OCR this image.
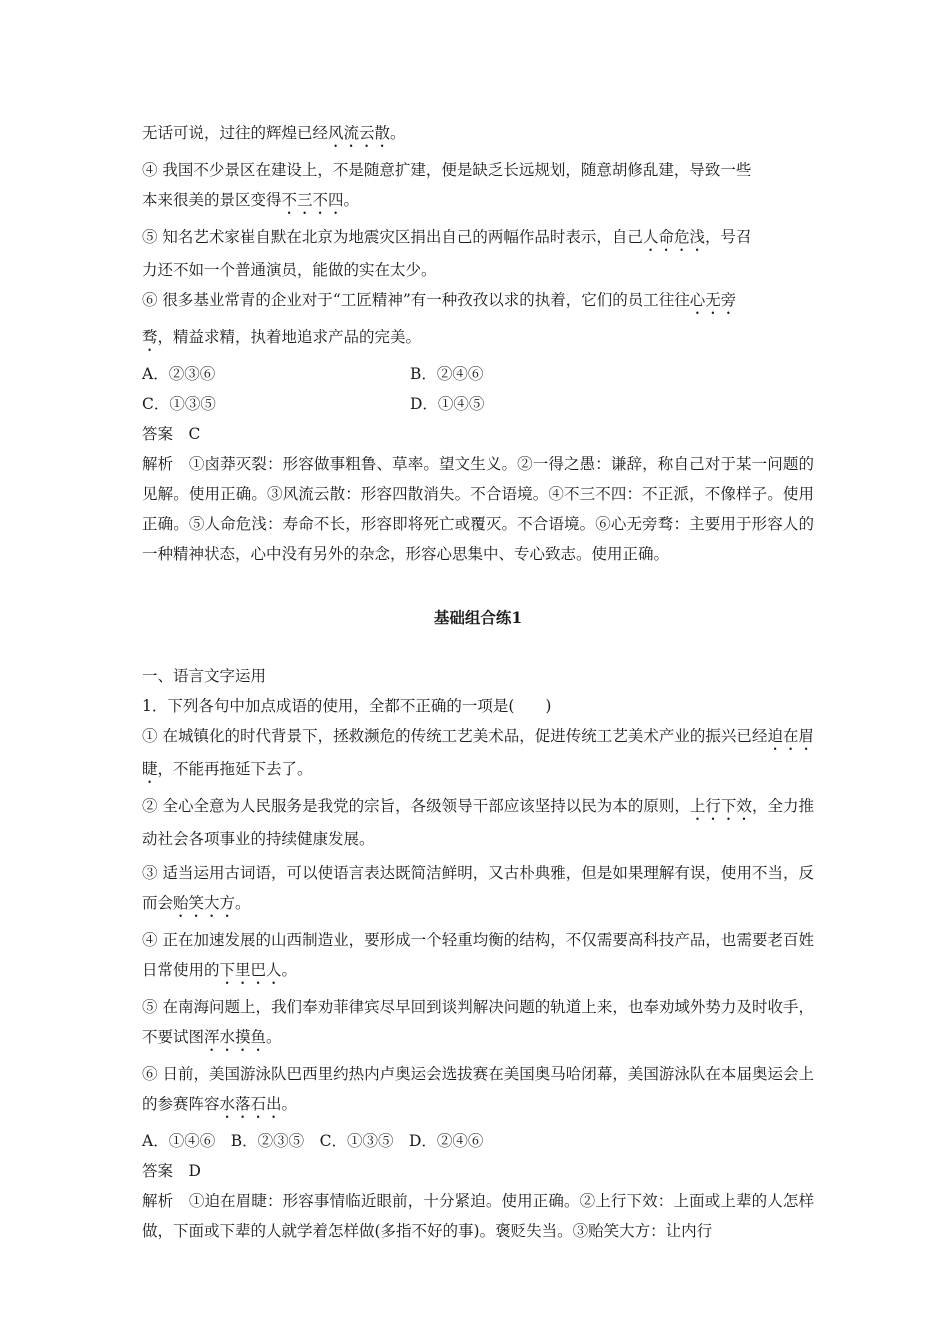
无话可说，过往的辉煌已经风流云散。

④ 我国不少景区在建设上，不是随意扩建，便是缺乏长远规划，随意胡修乱建，导致一些

本来很美的景区变得不三不四。

⑤ 知名艺术家崔自默在北京为地震灾区捐出自己的两幅作品时表示，自己人命危浅，号召

力还不如一个普通演员，能做的实在太少。

⑥ 很多基业常青的企业对于“工匠精神”有一种孜孜以求的执着，它们的员工往往心无旁

骛，精益求精，执着地追求产品的完美。

A．②③⑥	B．②④⑥

C．①③⑤	D．①④⑤

答案　C

解析　①卤莽灭裂：形容做事粗鲁、草率。望文生义。②一得之愚：谦辞，称自己对于某一问题的见解。使用正确。③风流云散：形容四散消失。不合语境。④不三不四：不正派，不像样子。使用正确。⑤人命危浅：寿命不长，形容即将死亡或覆灭。不合语境。⑥心无旁骛：主要用于形容人的一种精神状态，心中没有另外的杂念，形容心思集中、专心致志。使用正确。

基础组合练1

一、语言文字运用

1．下列各句中加点成语的使用，全都不正确的一项是(　　)

① 在城镇化的时代背景下，拯救濒危的传统工艺美术品，促进传统工艺美术产业的振兴已经迫在眉睫，不能再拖延下去了。

② 全心全意为人民服务是我党的宗旨，各级领导干部应该坚持以民为本的原则，上行下效，全力推动社会各项事业的持续健康发展。

③ 适当运用古词语，可以使语言表达既简洁鲜明，又古朴典雅，但是如果理解有误，使用不当，反而会贻笑大方。

④ 正在加速发展的山西制造业，要形成一个轻重均衡的结构，不仅需要高科技产品，也需要老百姓日常使用的下里巴人。

⑤ 在南海问题上，我们奉劝菲律宾尽早回到谈判解决问题的轨道上来，也奉劝域外势力及时收手，不要试图浑水摸鱼。

⑥ 日前，美国游泳队巴西里约热内卢奥运会选拔赛在美国奥马哈闭幕，美国游泳队在本届奥运会上的参赛阵容水落石出。

A．①④⑥　B．②③⑤　C．①③⑤　D．②④⑥

答案　D

解析　①迫在眉睫：形容事情临近眼前，十分紧迫。使用正确。②上行下效：上面或上辈的人怎样做，下面或下辈的人就学着怎样做(多指不好的事)。褒贬失当。③贻笑大方：让内行
